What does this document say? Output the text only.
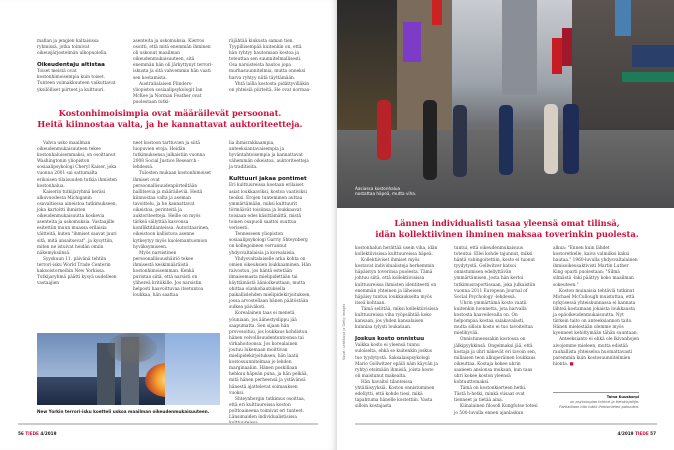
mafian ja jengien kaltaisissa ryhmissä, jotka toimivat oikeusjärjestelmän ulkopuolella.

Oikeudentaju altistaa

Toiset meistä ovat kostonhimoisempia kuin toiset. Tunteen voimakkuuteen vaikuttavat yksilölliset piirteet ja kulttuuri.

asenteita ja uskomuksia. Kierros osoitti, että mitä enemmän ihminen oli uskonut maailman oikeudenmukaisuuteen, sitä enemmän hän oli järkyttynyt terrori-iskusta ja sitä vahvemmin hän vaati sen kostamista.

Australialaisen Flinders-yliopiston sosiaalipsykologit Ian McKee ja Norman Feather ovat puolestaan tutki-

räjähtää kiukusta saman tien. Tyypillisempää kuitenkin on, että hän ryhtyy hautomaan kostoa ja toteuttaa sen suunnitelmallisesti. Osa narsisteista hautoo jopa murhasuunnitelmia, mutta onneksi harva ryhtyy niitä täyttämään.

Yhtä lailla kostosta pidättyvilläkin on yhteisiä piirteitä. He ovat normaa-

Kostonhimoisimpia ovat määräilevät persoonat.
Heitä kiinnostaa valta, ja he kannattavat auktoriteetteja.

Vahva usko maailman oikeudenmukaisuuteen tekee kostonhaluisemmaksi, on osoittanut Washingtonin yliopiston sosiaalipsykologi Cheryl Kaiser, joka vuonna 2001 sai sattumalta erikoisen tilaisuuden tutkia ihmisten kostonhalua.

Kaiserin tutkijaryhmä keräsi alkuvuodesta Michiganin osavaltiossa aineistoa tutkimukseen, joka kartoitti ihmisten oikeudenmukaisuutta koskevia asenteita ja uskomuksia. Vastaajille esitettiin muun muassa erilaisia väitteitä, kuten "ihmiset saavat juuri sitä, mitä ansaitsevat", ja kysyttiin, miten ne istuivat heidän omiin näkemyksiinsä.

Syyskuun 11. päivänä tehtiin terrori-isku World Trade Centerin kaksoistorneihin New Yorkissa. Tutkijaryhmä päätti kysyä uudelleen vastaajien

neet kostoon tarttuvien ja siitä luopuvien eroja. Heidän tutkimuksensa julkaistiin vuonna 2008 Social Justice Research -lehdessä.

Tulosten mukaan kostonhimoiset ihmiset ovat persoonallisuudenpiirteiltään hallitsevia ja määräileviä. Heitä kiinnostaa valta ja aseman tavoittelu, ja he kannattavat oikeistoa, perinteitä ja auktoriteetteja. Heille on myös tärkeä säilyttää kasvonsa konfliktitilanteissa. Autoritaarinen, oikeistoon kallistuva asenne kytkeytyy myös kuolemantuomion hyväksymiseen.

Myös narsistinen persoonallisuushäiriö tekee ihmisestä keskimääräistä kostonhimoisemman. Kenkä puristaa siitä, että narsisti on ylihereä kritiikille. Jos narsistin helposti haavoittuvaa itsetuntoa loukkaa, hän saattaa

lia ihmisrakkaampia, anteeksiantavaisempia ja hyväntahtoisempia ja kannattavat vähemmän oikeistoa, auktoriteetteja ja traditioita.

Kulttuuri jakaa pontimet

Eri kulttuureissa koetaan erilaiset asiat loukkaaviksi, kostoa vaativiksi teoiksi. Erojen tunteminen auttaa ymmärtämään, miksi kulttuurit törmäävät toisiinsa ja loukkaavat toisiaan edes käsittämättä, mistä toinen osapuoli saattoi suuttua verisesti.

Tennesseen yliopiston sosiaalipsykologi Garriy Shteynberg on kollegoineen verrannut yhdysvaltalaisia ja korealaisia.

Yhdysvaltalaiselle arka kohta on omien oikeuksien loukkaaminen. Hän raivostuu, jos häntä estetään ilmaisemasta mielipidettään tai käyttämästä äänioikeuttaan, mutta ohittaa olankohautuksella paikallislehden mielipidekirjoituksen, jossa arvostellaan hänen päätöstään sulkea päiväkoti.

Korealainen taas ei menetä yöuniaan, jos äänestyslippu jää saapumatta. Sen sijaan hän provosoituu, jos loukkaus kohdistuu hänen velvollisuudentuntoonsa tai virkahoitoonsa. Jos korealainen joutuu lukemaan moittivan mielipidekirjoituksen, hän laatii kostosuunnitelmaa jo lehden marginaaliin. Hänen poskillaan hehkuu häpeän puna, ja hän pelkää, mitä hänen perheensä ja ystävänsä hänestä ajattelevat soimauksen vuoksi.

Shteynbergin tutkimus osoittaa, että eri kulttuureissa koston polttoaineena toimivat eri tunteet. Länsimaiden individualistisissa

New Yorkin terrori-isku koetteli uskoa maailman oikeudenmukaisuuteen.
56 TIEDE 4/2019
Aasiassa kostonhalua
nostattaa häpeä, muttа viha.
Kuvat: Lehtikuva ja Getty Images
Lännen individualisti tasaa yleensä omat tilinsä,
idän kollektiivinen ihminen maksaa toverinkin puolesta.

kostonhalun herättää usein viha, idän kollektiivisissa kulttuureissa häpeä.

Kollektiiviset ihmiset myös kostavat individualisteja herkemmin häpäistyn toverinsa puolesta. Tämä johtuu siitä, että kollektiivisissa kulttuureissa ihmisten identiteetti on enemmän yhteinen ja läheisen häpäisy tuntuu loukkaukselta myös itseä kohtaan.

Tämä selittää, miksi kollektiivisissa kulttuureissa viha ryöpsähtää koko kansaan, jos yhden kansalaisen kunniaa tylysti loukataan.

Joskus kosto onnistuu

Vaikka kosto ei yleensä tunnu suloiselta, ehkä se kuitenkin joskus tuo tyydytystä. Saksalaispsykologi Mario Gollwitzer epäili näin käyvän ja ryhtyi etsimään ihmisiä, joista kosto oli maistunut makealta.

Hän havaitsi tilanteissa yhtäläisyyksiä. Koston onnistuminen edellytti, että kohde tiesi, mikä tapahtuma hänelle kostettiin. Vasta silloin kostajasta

tuntui, että oikeudenmukaisuus toteutui. Ellei kohde tajunnut, miksi häntä vahingoitettiin, kosto ei tuonut tyydytystä. Gollwitzer katsoi onnistumisen edellyttävän ymmärtämisen, josta hän kertoi tutkimusraportissaan, joka julkaistiin vuonna 2011 European Journal of Social Psychology -lehdessä.

Uhrin ymmärtämä kosto vaatii kuitenkin luonnetta, jota harvalla kostosta haaveilevalla on. On helpompaa kostaa salakavalasti, mutta silloin kosto ei tuo tavoiteltua mielihyvää.

Onnistuneessakin kostossa on jälkipyykkinsä. Ongelmaksi jää, että kostaja ja uhri näkevät eri tavoin sen, millaisen teon alkuperäinen loukkaus oikeuttaa. Kostaja kokee uhrin saaneen ansionsa mukaan, kun taas uhri kokee koston yleensä kohtuuttomaksi.

Tämä on kostonkierteen hetki. Tästä h-hetki, minkä viisaat ovat tienneet ja tietää aina.

Kiinalainen filosofi Kungfutse totesi jo 500-luvulla ennen ajanlaskun

alkua: "Ennen kuin lähdet kostoretkelle, kaiva valmiiksi kaksi hautaa." 1960-luvulla yhdysvaltalainen ihmisoikeusaktivisti Martin Luther King oparti puolestaan: "Silmä silmästä -laki päättyy koko maailman sokeuteen."

Koston muinaisia tehtäviä tutkinut Michael McCullough muistuttaa, että nykyisessä yhteiskunnassa ei kannata lähteä kostamaan jokaista loukkausta ja epäoikeudenmukaisuutta. Nyt tärkein taito on anteeksiannon taito. Hänen mielestään olemme myös kyenneet kehittymään tähän suuntaan.

Anteeksianto ei ehkä ole lkivanhojen aivojemme mieleen, mutta edistää rauhallista yhteiselоa huomattavasti paremmin kuin kostosuunnitelmien hionta. ■

Taina Kuuskorpi
on psykologian tohtori ja tietokirjailija.
Parhaillaan hän tutkii ihmismielen pahuutta.
4/2019 TIEDE 57
